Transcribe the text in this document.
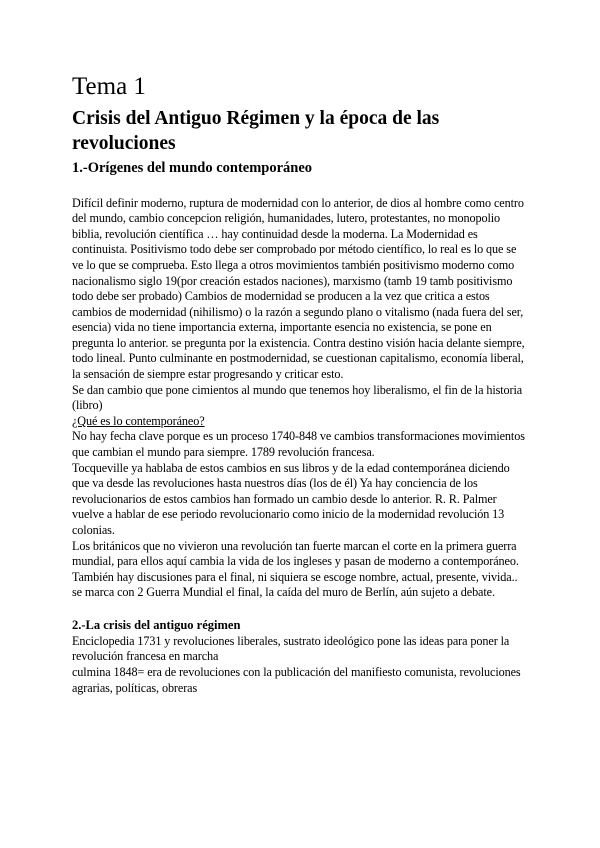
Tema 1
Crisis del Antiguo Régimen y la época de las revoluciones
1.-Orígenes del mundo contemporáneo

Difícil definir moderno, ruptura de modernidad con lo anterior, de dios al hombre como centro del mundo, cambio concepcion religión, humanidades, lutero, protestantes, no monopolio biblia, revolución científica … hay continuidad desde la moderna. La Modernidad es continuista. Positivismo todo debe ser comprobado por método científico, lo real es lo que se ve lo que se comprueba. Esto llega a otros movimientos también positivismo moderno como nacionalismo siglo 19(por creación estados naciones), marxismo (tamb 19 tamb positivismo todo debe ser probado) Cambios de modernidad se producen a la vez que critica a estos cambios de modernidad (nihilismo) o la razón a segundo plano o vitalismo (nada fuera del ser, esencia) vida no tiene importancia externa, importante esencia no existencia, se pone en pregunta lo anterior. se pregunta por la existencia. Contra destino visión hacia delante siempre, todo lineal. Punto culminante en postmodernidad, se cuestionan capitalismo, economía liberal, la sensación de siempre estar progresando y criticar esto.

Se dan cambio que pone cimientos al mundo que tenemos hoy liberalismo, el fin de la historia (libro)

¿Qué es lo contemporáneo?

No hay fecha clave porque es un proceso 1740-848 ve cambios transformaciones movimientos que cambian el mundo para siempre. 1789 revolución francesa.

Tocqueville ya hablaba de estos cambios en sus libros y de la edad contemporánea diciendo que va desde las revoluciones hasta nuestros días (los de él) Ya hay conciencia de los revolucionarios de estos cambios han formado un cambio desde lo anterior. R. R. Palmer vuelve a hablar de ese periodo revolucionario como inicio de la modernidad revolución 13 colonias.

Los británicos que no vivieron una revolución tan fuerte marcan el corte en la primera guerra mundial, para ellos aquí cambia la vida de los ingleses y pasan de moderno a contemporáneo.

También hay discusiones para el final, ni siquiera se escoge nombre, actual, presente, vivida.. se marca con 2 Guerra Mundial el final, la caída del muro de Berlín, aún sujeto a debate.

2.-La crisis del antiguo régimen

Enciclopedia 1731 y revoluciones liberales, sustrato ideológico pone las ideas para poner la revolución francesa en marcha

culmina 1848= era de revoluciones con la publicación del manifiesto comunista, revoluciones agrarias, políticas, obreras
